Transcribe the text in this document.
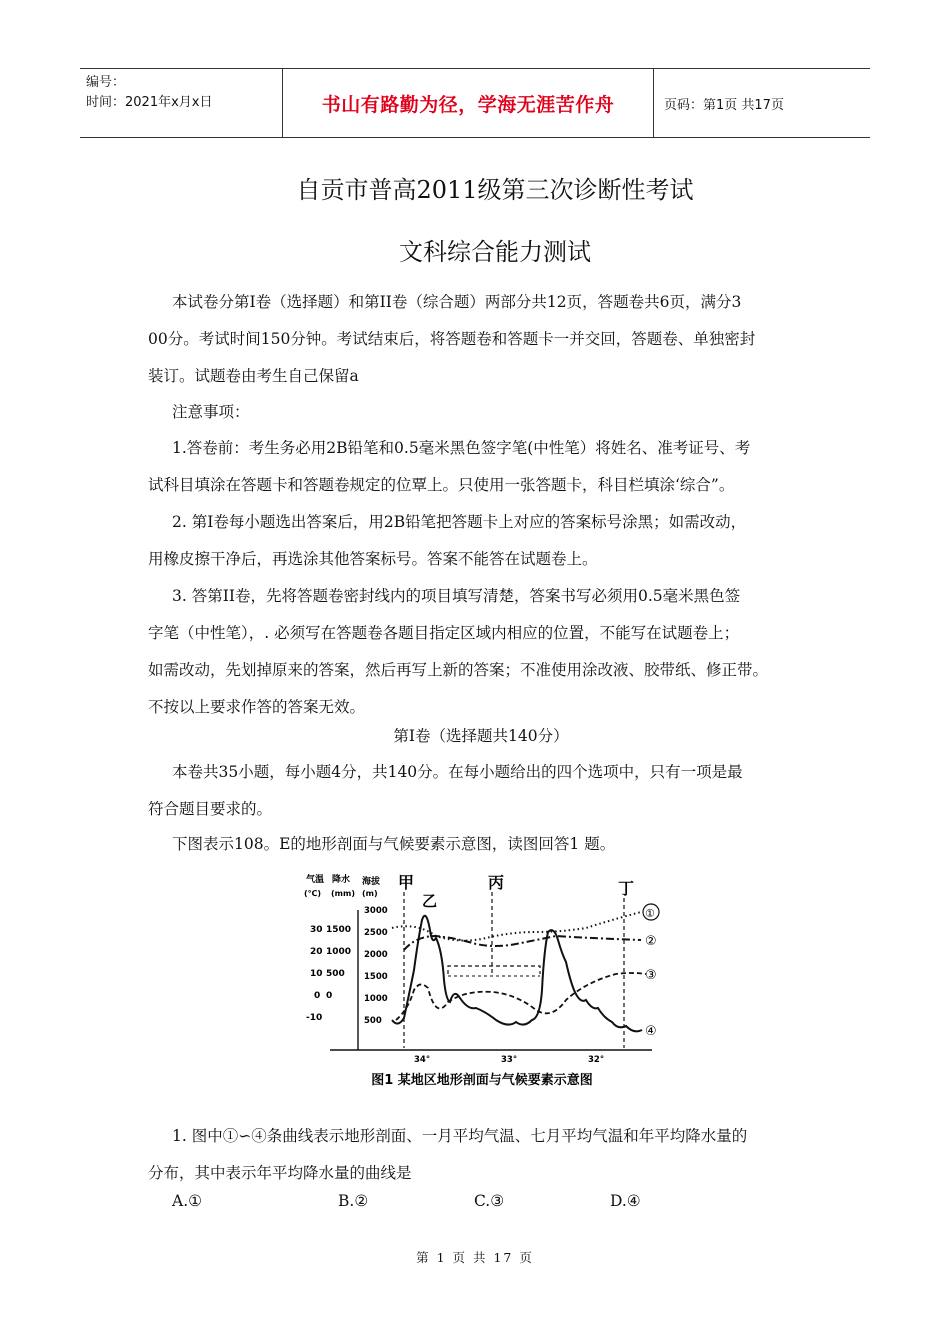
编号：
时间：2021年x月x日	书山有路勤为径，学海无涯苦作舟	页码：第1页 共17页
自贡市普高2011级第三次诊断性考试
文科综合能力测试
本试卷分第I卷（选择题）和第II卷（综合题）两部分共12页，答题卷共6页，满分3
00分。考试时间150分钟。考试结束后，将答题卷和答题卡一并交回，答题卷、单独密封
装订。试题卷由考生自己保留a
注意事项：
1.答卷前：考生务必用2B铅笔和0.5毫米黑色签字笔(中性笔）将姓名、准考证号、考
试科目填涂在答题卡和答题卷规定的位覃上。只使用一张答题卡，科目栏填涂‘综合”。
2. 第I卷每小题选出答案后，用2B铅笔把答题卡上对应的答案标号涂黑；如需改动，
用橡皮擦干净后，再选涂其他答案标号。答案不能答在试题卷上。
3. 答第II卷，先将答题卷密封线内的项目填写清楚，答案书写必须用0.5毫米黑色签
字笔（中性笔），. 必须写在答题卷各题目指定区域内相应的位置，不能写在试题卷上；
如需改动，先划掉原来的答案，然后再写上新的答案；不准使用涂改液、胶带纸、修正带。
不按以上要求作答的答案无效。
第I卷（选择题共140分）
本卷共35小题，每小题4分，共140分。在每小题给出的四个选项中，只有一项是最
符合题目要求的。
下图表示108。E的地形剖面与气候要素示意图，读图回答1 题。
气温
(℃)
降水
(mm)
海拔
(m)
30
20
10
0
-10
1500
1000
500
0
3000
2500
2000
1500
1000
500
34°	33°	32°
甲
乙
丙	丁
①
②
③
④
图1 某地区地形剖面与气候要素示意图
1. 图中①∽④条曲线表示地形剖面、一月平均气温、七月平均气温和年平均降水量的
分布，其中表示年平均降水量的曲线是
A.①	B.②	C.③	D.④
第 1 页 共 17 页
